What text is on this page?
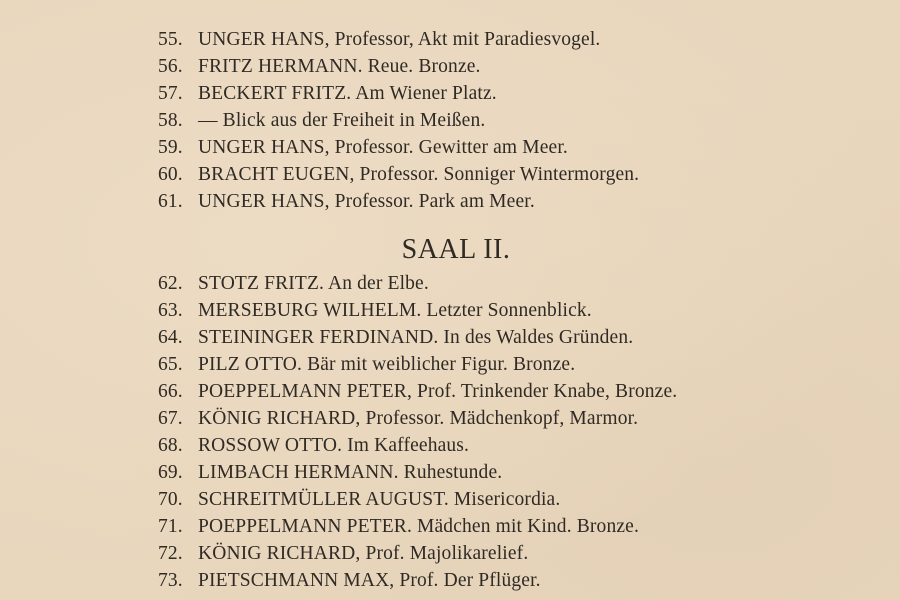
55. UNGER HANS, Professor, Akt mit Paradiesvogel.
56. FRITZ HERMANN. Reue. Bronze.
57. BECKERT FRITZ. Am Wiener Platz.
58. — Blick aus der Freiheit in Meißen.
59. UNGER HANS, Professor. Gewitter am Meer.
60. BRACHT EUGEN, Professor. Sonniger Wintermorgen.
61. UNGER HANS, Professor. Park am Meer.
SAAL II.
62. STOTZ FRITZ. An der Elbe.
63. MERSEBURG WILHELM. Letzter Sonnenblick.
64. STEININGER FERDINAND. In des Waldes Gründen.
65. PILZ OTTO. Bär mit weiblicher Figur. Bronze.
66. POEPPELMANN PETER, Prof. Trinkender Knabe, Bronze.
67. KÖNIG RICHARD, Professor. Mädchenkopf, Marmor.
68. ROSSOW OTTO. Im Kaffeehaus.
69. LIMBACH HERMANN. Ruhestunde.
70. SCHREITMÜLLER AUGUST. Misericordia.
71. POEPPELMANN PETER. Mädchen mit Kind. Bronze.
72. KÖNIG RICHARD, Prof. Majolikarelief.
73. PIETSCHMANN MAX, Prof. Der Pflüger.
